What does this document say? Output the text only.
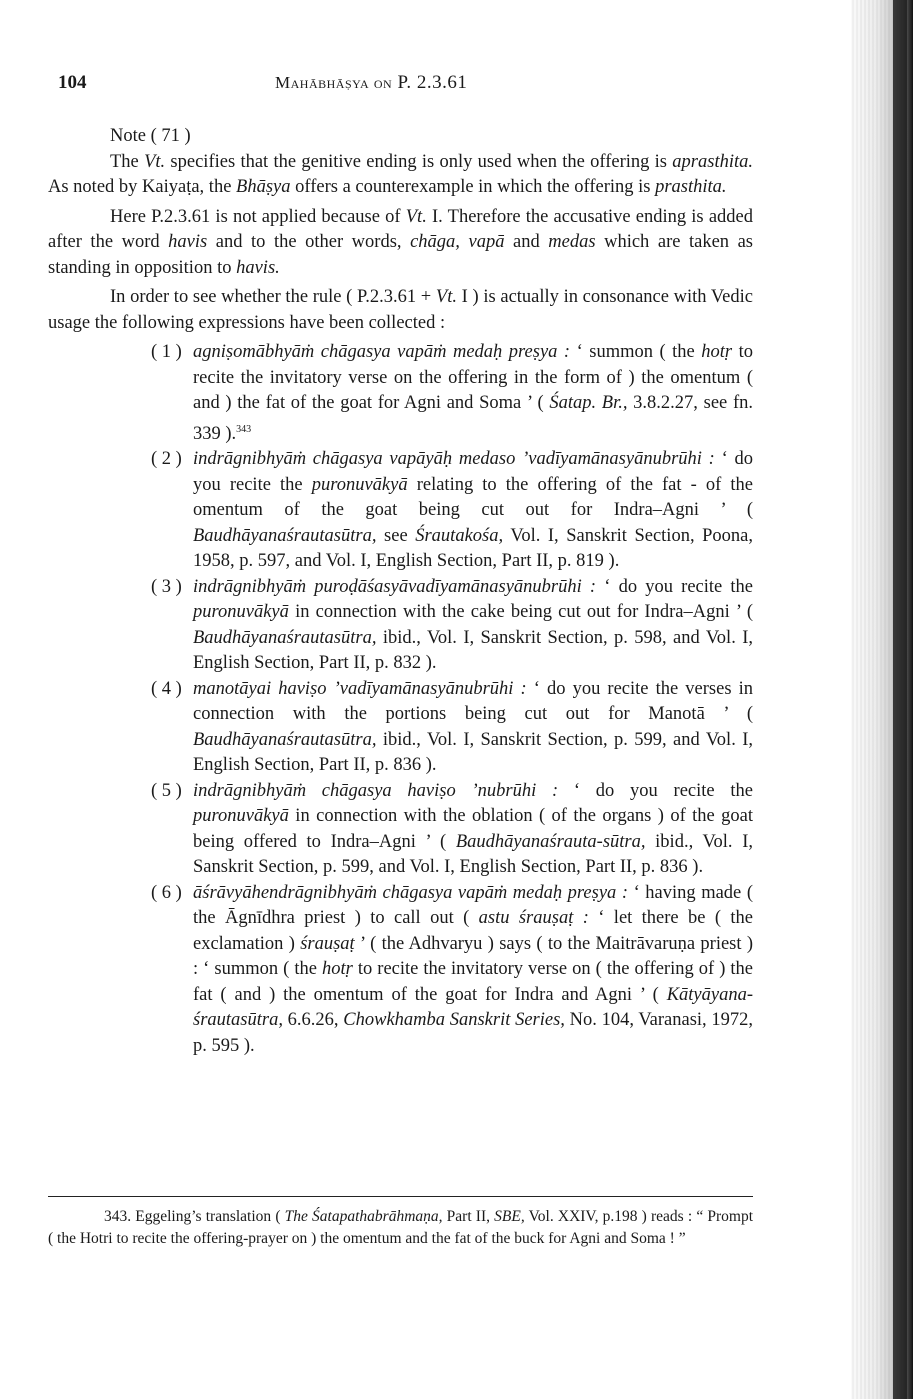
104	Mahābhāṣya on P. 2.3.61
Note ( 71 )

The Vt. specifies that the genitive ending is only used when the offering is aprasthita. As noted by Kaiyaṭa, the Bhāṣya offers a counterexample in which the offering is prasthita.

Here P.2.3.61 is not applied because of Vt. I. Therefore the accusative ending is added after the word havis and to the other words, chāga, vapā and medas which are taken as standing in opposition to havis.

In order to see whether the rule ( P.2.3.61 + Vt. I ) is actually in consonance with Vedic usage the following expressions have been collected :

( 1 ) agniṣomābhyāṁ chāgasya vapāṁ medaḥ preṣya : ‘ summon ( the hotṛ to recite the invitatory verse on the offering in the form of ) the omentum ( and ) the fat of the goat for Agni and Soma ’ ( Śatap. Br., 3.8.2.27, see fn. 339 ).$^{343}$
( 2 ) indrāgnibhyāṁ chāgasya vapāyāḥ medaso ’vadīyamānasyānubrūhi : ‘ do you recite the puronuvākyā relating to the offering of the fat - of the omentum of the goat being cut out for Indra–Agni ’ ( Baudhāyanaśrautasūtra, see Śrautakośa, Vol. I, Sanskrit Section, Poona, 1958, p. 597, and Vol. I, English Section, Part II, p. 819 ).
( 3 ) indrāgnibhyāṁ puroḍāśasyāvadīyamānasyānubrūhi : ‘ do you recite the puronuvākyā in connection with the cake being cut out for Indra–Agni ’ ( Baudhāyanaśrautasūtra, ibid., Vol. I, Sanskrit Section, p. 598, and Vol. I, English Section, Part II, p. 832 ).
( 4 ) manotāyai haviṣo ’vadīyamānasyānubrūhi : ‘ do you recite the verses in connection with the portions being cut out for Manotā ’ ( Baudhāyanaśrautasūtra, ibid., Vol. I, Sanskrit Section, p. 599, and Vol. I, English Section, Part II, p. 836 ).
( 5 ) indrāgnibhyāṁ chāgasya haviṣo ’nubrūhi : ‘ do you recite the puronuvākyā in connection with the oblation ( of the organs ) of the goat being offered to Indra–Agni ’ ( Baudhāyanaśrauta-sūtra, ibid., Vol. I, Sanskrit Section, p. 599, and Vol. I, English Section, Part II, p. 836 ).
( 6 ) āśrāvyāhendrāgnibhyāṁ chāgasya vapāṁ medaḥ preṣya : ‘ having made ( the Āgnīdhra priest ) to call out ( astu śrauṣaṭ : ‘ let there be ( the exclamation ) śrauṣaṭ ’ ( the Adhvaryu ) says ( to the Maitrāvaruṇa priest ) : ‘ summon ( the hotṛ to recite the invitatory verse on ( the offering of ) the fat ( and ) the omentum of the goat for Indra and Agni ’ ( Kātyāyana-śrautasūtra, 6.6.26, Chowkhamba Sanskrit Series, No. 104, Varanasi, 1972, p. 595 ).
343. Eggeling’s translation ( The Śatapathabrāhmaṇa, Part II, SBE, Vol. XXIV, p.198 ) reads : “ Prompt ( the Hotri to recite the offering-prayer on ) the omentum and the fat of the buck for Agni and Soma ! ”
